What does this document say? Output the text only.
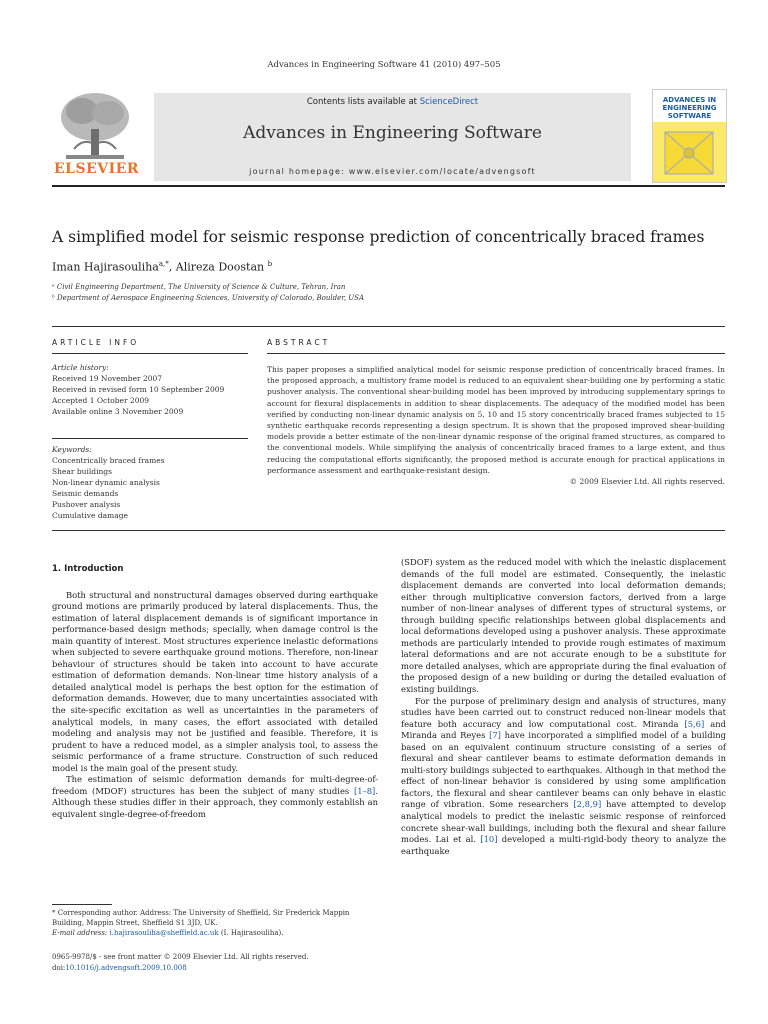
Advances in Engineering Software 41 (2010) 497–505
ELSEVIER
Contents lists available at ScienceDirect
Advances in Engineering Software
journal homepage: www.elsevier.com/locate/advengsoft
ADVANCES IN ENGINEERING SOFTWARE
A simplified model for seismic response prediction of concentrically braced frames
Iman Hajirasouliha$^{a,*}$, Alireza Doostan $^b$
ᵃ Civil Engineering Department, The University of Science & Culture, Tehran, Iran
ᵇ Department of Aerospace Engineering Sciences, University of Colorado, Boulder, USA
ARTICLE INFO	ABSTRACT
Article history:
Received 19 November 2007
Received in revised form 10 September 2009
Accepted 1 October 2009
Available online 3 November 2009
Keywords:
Concentrically braced frames
Shear buildings
Non-linear dynamic analysis
Seismic demands
Pushover analysis
Cumulative damage
This paper proposes a simplified analytical model for seismic response prediction of concentrically braced frames. In the proposed approach, a multistory frame model is reduced to an equivalent shear-building one by performing a static pushover analysis. The conventional shear-building model has been improved by introducing supplementary springs to account for flexural displacements in addition to shear displacements. The adequacy of the modified model has been verified by conducting non-linear dynamic analysis on 5, 10 and 15 story concentrically braced frames subjected to 15 synthetic earthquake records representing a design spectrum. It is shown that the proposed improved shear-building models provide a better estimate of the non-linear dynamic response of the original framed structures, as compared to the conventional models. While simplifying the analysis of concentrically braced frames to a large extent, and thus reducing the computational efforts significantly, the proposed method is accurate enough for practical applications in performance assessment and earthquake-resistant design.
© 2009 Elsevier Ltd. All rights reserved.
1. Introduction

Both structural and nonstructural damages observed during earthquake ground motions are primarily produced by lateral displacements. Thus, the estimation of lateral displacement demands is of significant importance in performance-based design methods; specially, when damage control is the main quantity of interest. Most structures experience inelastic deformations when subjected to severe earthquake ground motions. Therefore, non-linear behaviour of structures should be taken into account to have accurate estimation of deformation demands. Non-linear time history analysis of a detailed analytical model is perhaps the best option for the estimation of deformation demands. However, due to many uncertainties associated with the site-specific excitation as well as uncertainties in the parameters of analytical models, in many cases, the effort associated with detailed modeling and analysis may not be justified and feasible. Therefore, it is prudent to have a reduced model, as a simpler analysis tool, to assess the seismic performance of a frame structure. Construction of such reduced model is the main goal of the present study.

The estimation of seismic deformation demands for multi-degree-of-freedom (MDOF) structures has been the subject of many studies [1–8]. Although these studies differ in their approach, they commonly establish an equivalent single-degree-of-freedom

(SDOF) system as the reduced model with which the inelastic displacement demands of the full model are estimated. Consequently, the inelastic displacement demands are converted into local deformation demands; either through multiplicative conversion factors, derived from a large number of non-linear analyses of different types of structural systems, or through building specific relationships between global displacements and local deformations developed using a pushover analysis. These approximate methods are particularly intended to provide rough estimates of maximum lateral deformations and are not accurate enough to be a substitute for more detailed analyses, which are appropriate during the final evaluation of the proposed design of a new building or during the detailed evaluation of existing buildings.

For the purpose of preliminary design and analysis of structures, many studies have been carried out to construct reduced non-linear models that feature both accuracy and low computational cost. Miranda [5,6] and Miranda and Reyes [7] have incorporated a simplified model of a building based on an equivalent continuum structure consisting of a series of flexural and shear cantilever beams to estimate deformation demands in multi-story buildings subjected to earthquakes. Although in that method the effect of non-linear behavior is considered by using some amplification factors, the flexural and shear cantilever beams can only behave in elastic range of vibration. Some researchers [2,8,9] have attempted to develop analytical models to predict the inelastic seismic response of reinforced concrete shear-wall buildings, including both the flexural and shear failure modes. Lai et al. [10] developed a multi-rigid-body theory to analyze the earthquake

* Corresponding author. Address: The University of Sheffield, Sir Frederick Mappin Building, Mappin Street, Sheffield S1 3JD, UK.
E-mail address: i.hajirasouliha@sheffield.ac.uk (I. Hajirasouliha).
0965-9978/$ - see front matter © 2009 Elsevier Ltd. All rights reserved.
doi:10.1016/j.advengsoft.2009.10.008
